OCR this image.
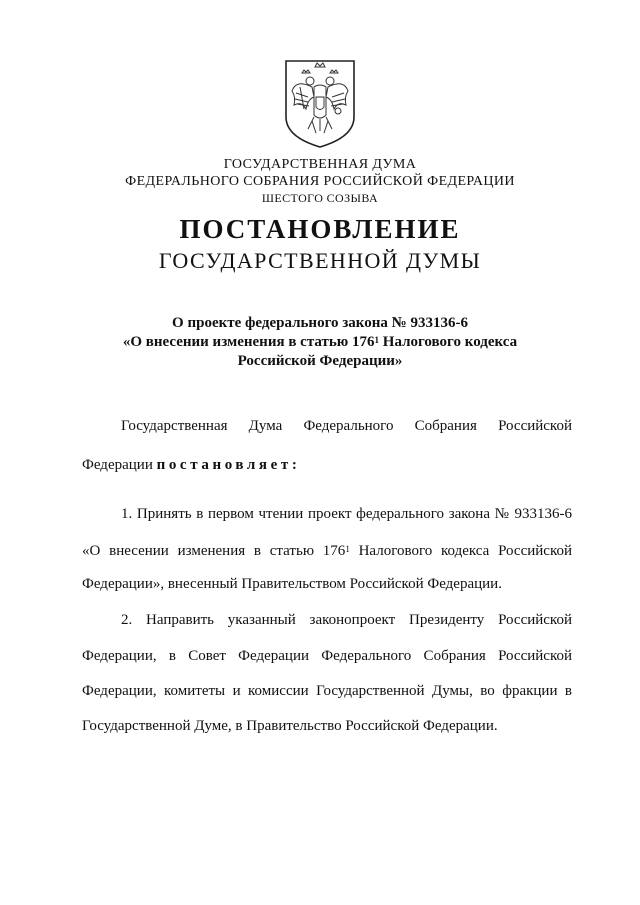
ГОСУДАРСТВЕННАЯ ДУМА
ФЕДЕРАЛЬНОГО СОБРАНИЯ РОССИЙСКОЙ ФЕДЕРАЦИИ
ШЕСТОГО СОЗЫВА
ПОСТАНОВЛЕНИЕ
ГОСУДАРСТВЕННОЙ ДУМЫ
О проекте федерального закона № 933136-6
«О внесении изменения в статью $176^1$ Налогового кодекса
Российской Федерации»
Государственная Дума Федерального Собрания Российской
Федерации постановляет:
1. Принять в первом чтении проект федерального закона № 933136-6
«О внесении изменения в статью $176^1$ Налогового кодекса Российской
Федерации», внесенный Правительством Российской Федерации.
2. Направить указанный законопроект Президенту Российской
Федерации, в Совет Федерации Федерального Собрания Российской
Федерации, комитеты и комиссии Государственной Думы, во фракции в
Государственной Думе, в Правительство Российской Федерации.
